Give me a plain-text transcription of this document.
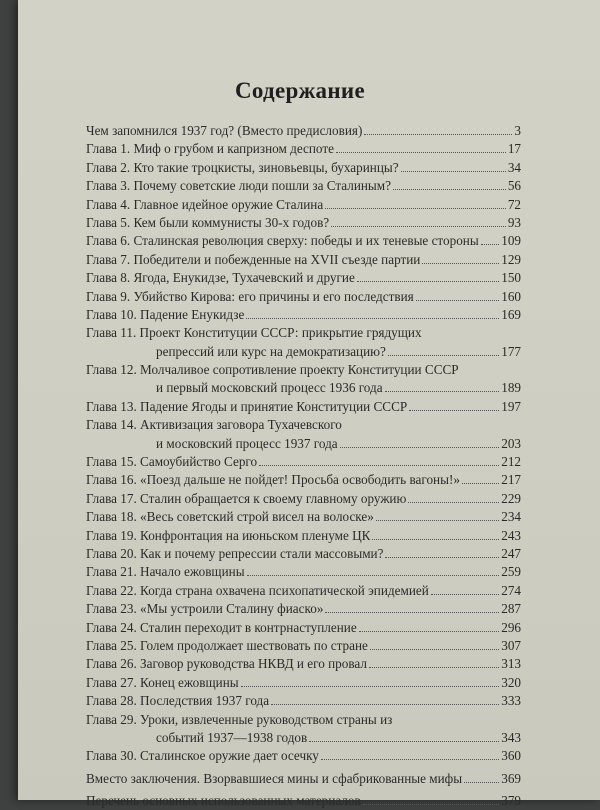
Содержание
Чем запомнился 1937 год? (Вместо предисловия)	3
Глава 1. Миф о грубом и капризном деспоте	17
Глава 2. Кто такие троцкисты, зиновьевцы, бухаринцы?	34
Глава 3. Почему советские люди пошли за Сталиным?	56
Глава 4. Главное идейное оружие Сталина	72
Глава 5. Кем были коммунисты 30-х годов?	93
Глава 6. Сталинская революция сверху: победы и их теневые стороны 109
Глава 7. Победители и побежденные на XVII съезде партии	129
Глава 8. Ягода, Енукидзе, Тухачевский и другие	150
Глава 9. Убийство Кирова: его причины и его последствия	160
Глава 10. Падение Енукидзе	169
Глава 11. Проект Конституции СССР: прикрытие грядущих
репрессий или курс на демократизацию?	177
Глава 12. Молчаливое сопротивление проекту Конституции СССР
и первый московский процесс 1936 года	189
Глава 13. Падение Ягоды и принятие Конституции СССР	197
Глава 14. Активизация заговора Тухачевского
и московский процесс 1937 года	203
Глава 15. Самоубийство Серго	212
Глава 16. «Поезд дальше не пойдет! Просьба освободить вагоны!»	217
Глава 17. Сталин обращается к своему главному оружию	229
Глава 18. «Весь советский строй висел на волоске»	234
Глава 19. Конфронтация на июньском пленуме ЦК	243
Глава 20. Как и почему репрессии стали массовыми?	247
Глава 21. Начало ежовщины	259
Глава 22. Когда страна охвачена психопатической эпидемией	274
Глава 23. «Мы устроили Сталину фиаско»	287
Глава 24. Сталин переходит в контрнаступление	296
Глава 25. Голем продолжает шествовать по стране	307
Глава 26. Заговор руководства НКВД и его провал	313
Глава 27. Конец ежовщины	320
Глава 28. Последствия 1937 года	333
Глава 29. Уроки, извлеченные руководством страны из
событий 1937—1938 годов	343
Глава 30. Сталинское оружие дает осечку	360
Вместо заключения. Взорвавшиеся мины и сфабрикованные мифы	369
Перечень основных использованных материалов	379
